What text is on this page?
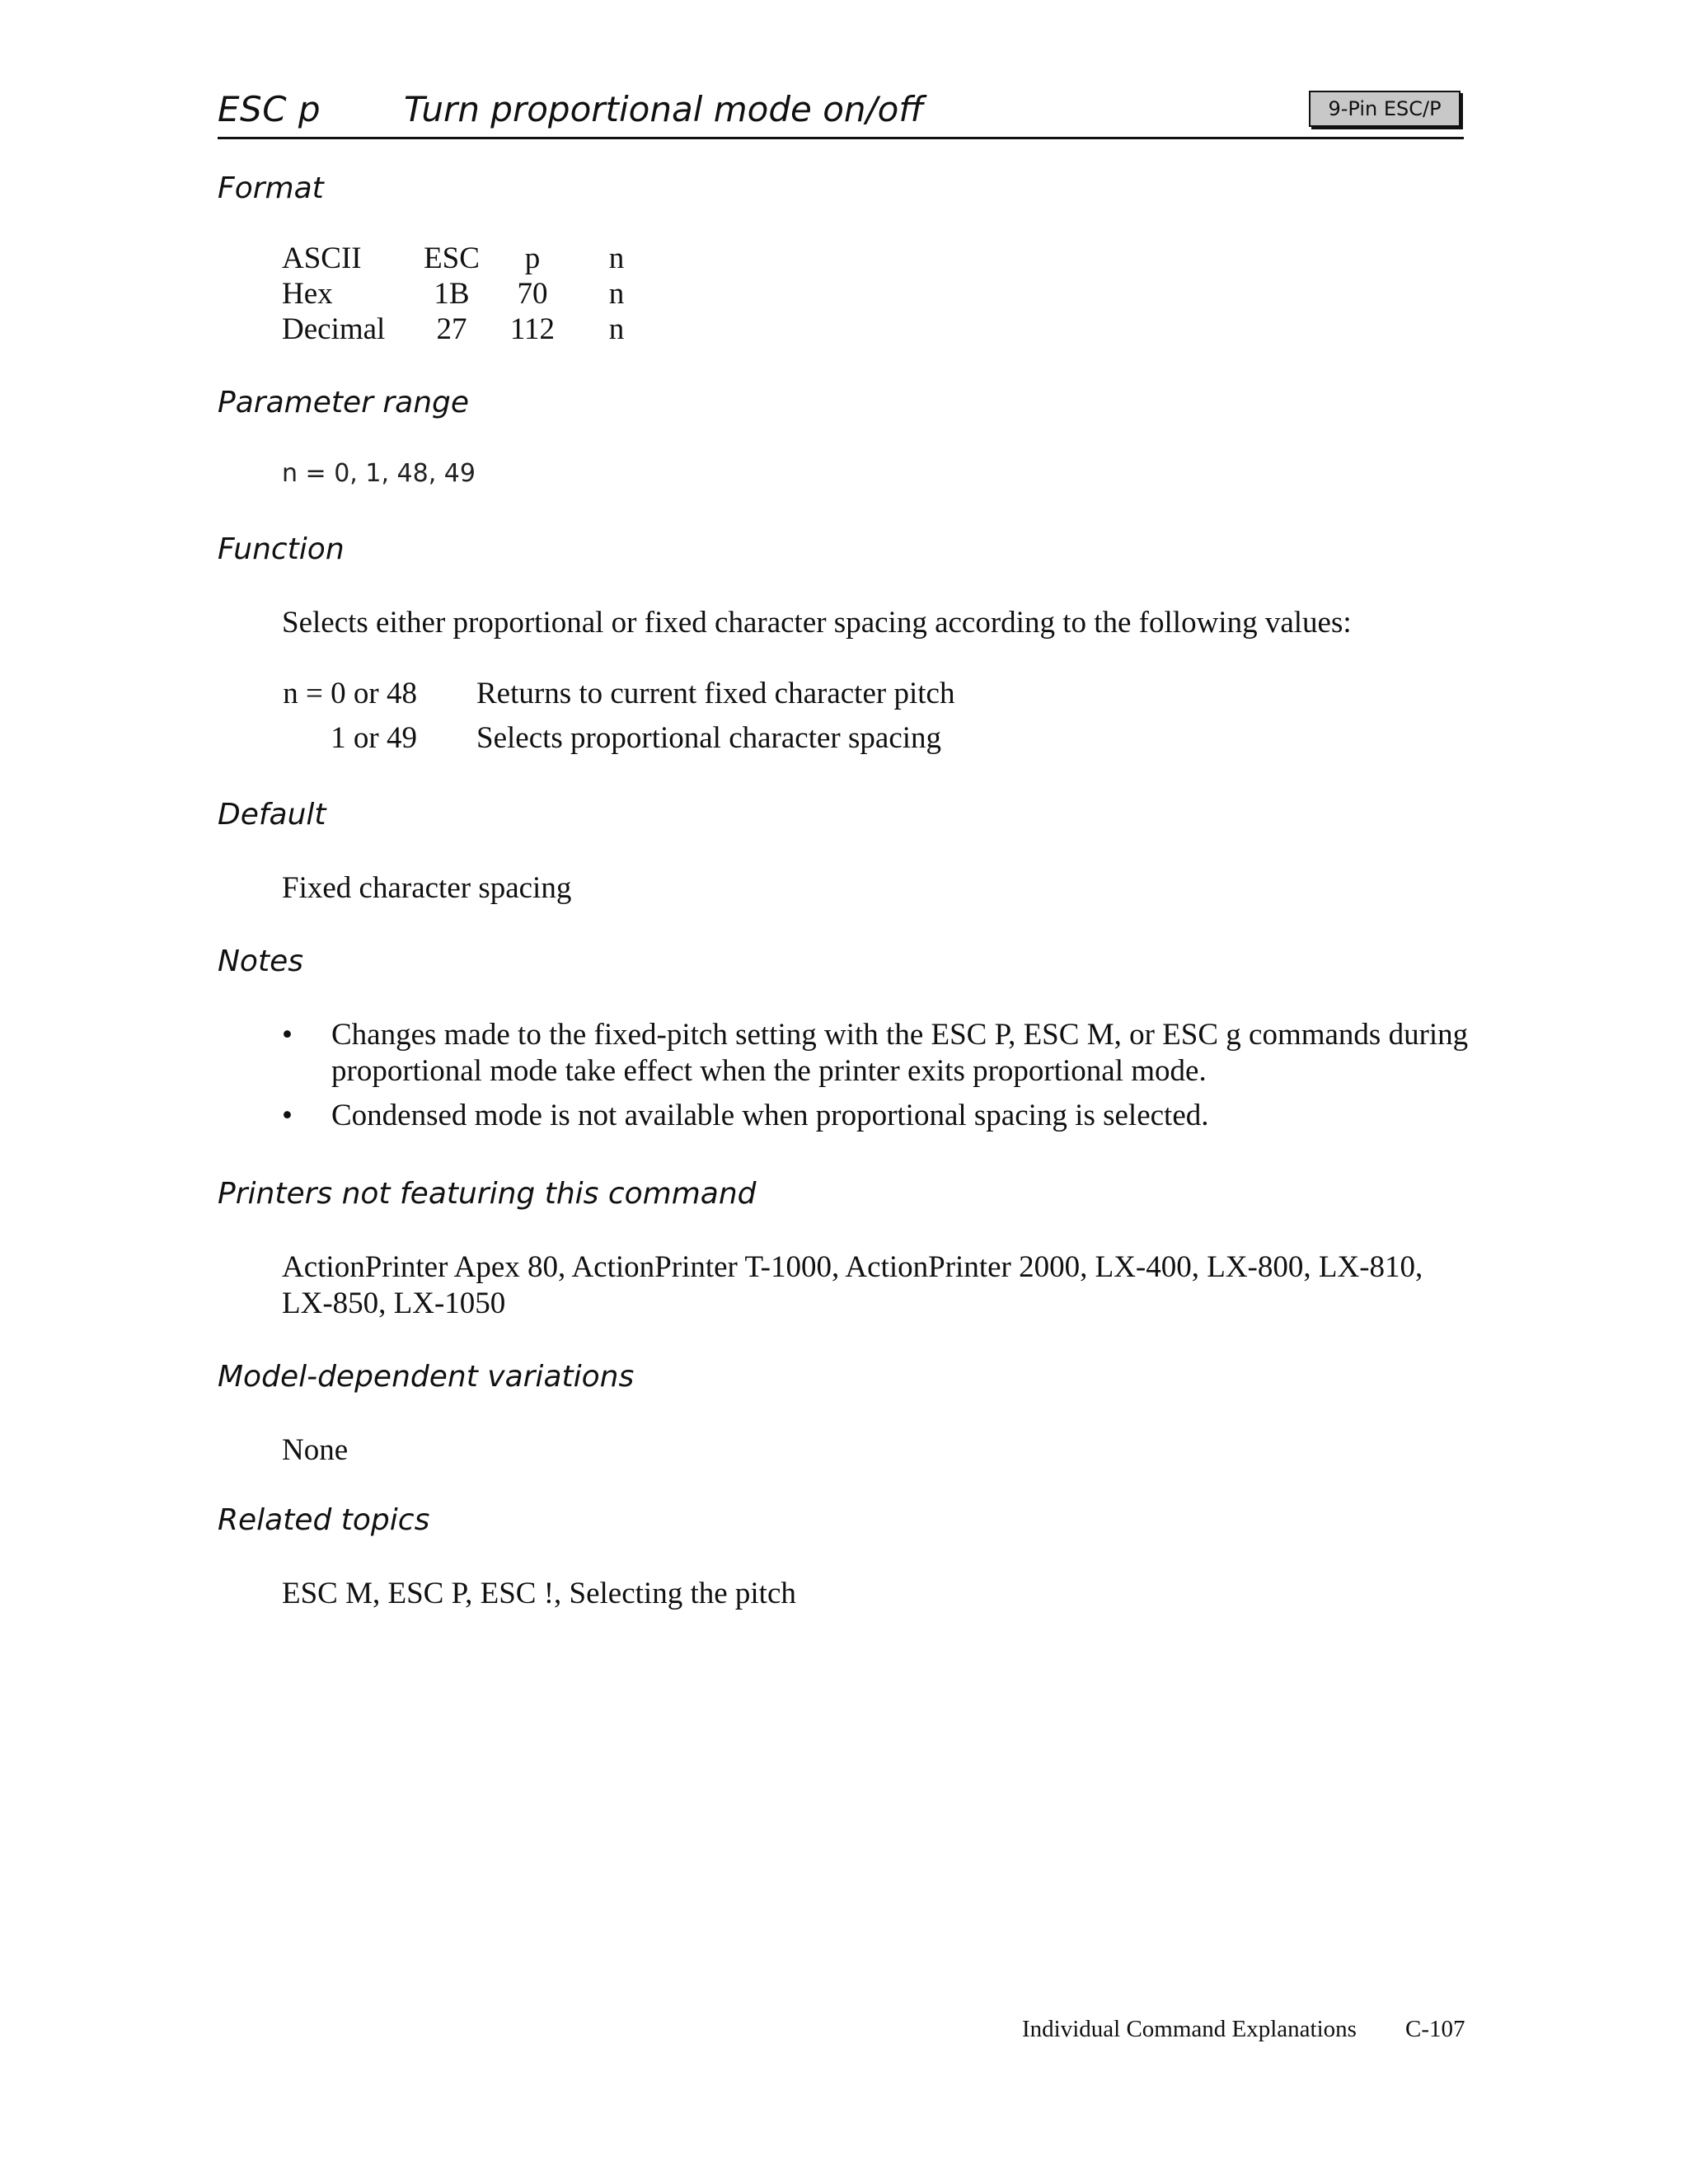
ESC p Turn proportional mode on/off	9-Pin ESC/P
Format
ASCII	ESC	p	n
Hex	1B	70	n
Decimal	27	112	n
Parameter range
n = 0, 1, 48, 49
Function
Selects either proportional or fixed character spacing according to the following values:
n = 0 or 48 Returns to current fixed character pitch
1 or 49 Selects proportional character spacing
Default
Fixed character spacing
Notes
• Changes made to the fixed-pitch setting with the ESC P, ESC M, or ESC g commands during proportional mode take effect when the printer exits proportional mode.
• Condensed mode is not available when proportional spacing is selected.
Printers not featuring this command
ActionPrinter Apex 80, ActionPrinter T-1000, ActionPrinter 2000, LX-400, LX-800, LX-810, LX-850, LX-1050
Model-dependent variations
None
Related topics
ESC M, ESC P, ESC !, Selecting the pitch
Individual Command Explanations C-107
